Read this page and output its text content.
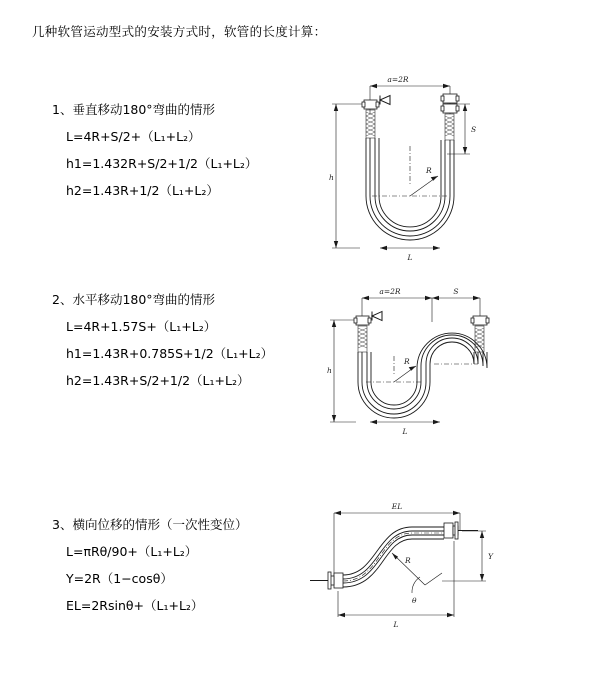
几种软管运动型式的安装方式时，软管的长度计算：

1、垂直移动180°弯曲的情形

L=4R+S/2+（L₁+L₂）

h1=1.432R+S/2+1/2（L₁+L₂）

h2=1.43R+1/2（L₁+L₂）

a=2R
S
h
R
L

2、水平移动180°弯曲的情形

L=4R+1.57S+（L₁+L₂）

h1=1.43R+0.785S+1/2（L₁+L₂）

h2=1.43R+S/2+1/2（L₁+L₂）

a=2R	S
h
R
L

3、横向位移的情形（一次性变位）

L=πRθ/90+（L₁+L₂）

Y=2R（1−cosθ）

EL=2Rsinθ+（L₁+L₂）

EL
Y
R
θ
L
